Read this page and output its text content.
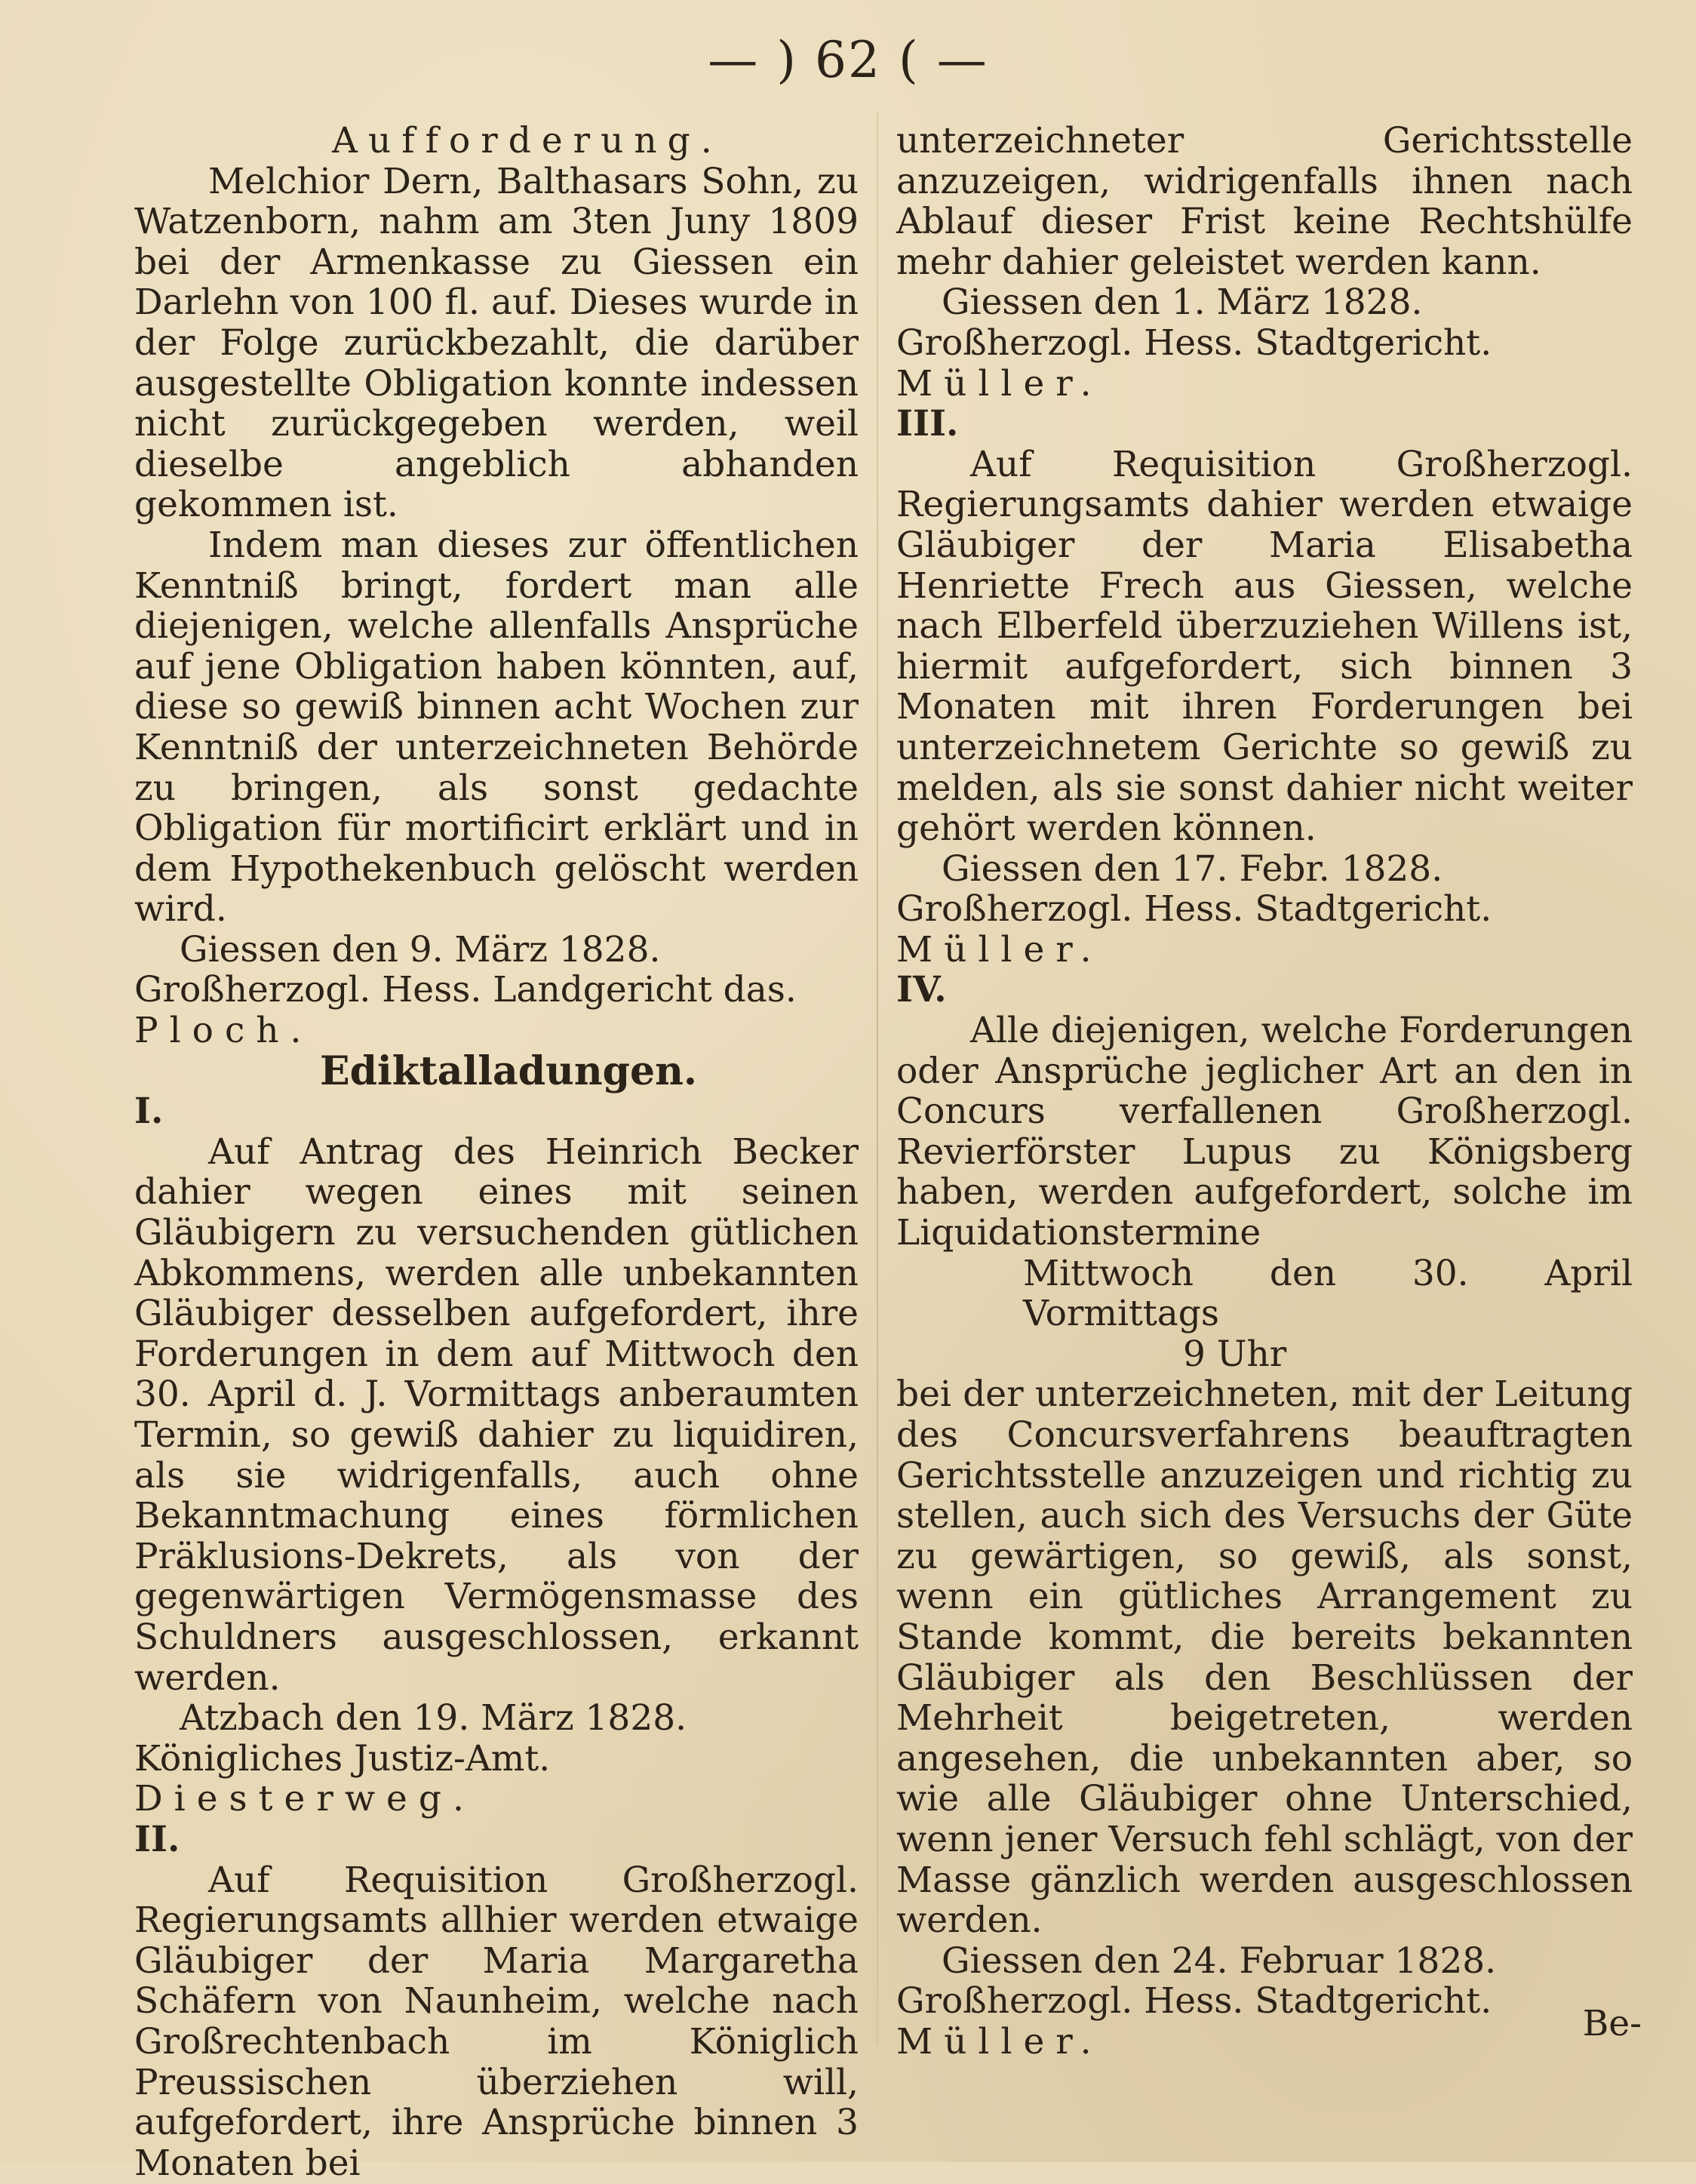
— ) 62 ( —

Aufforderung.

Melchior Dern, Balthasars Sohn, zu Watzenborn, nahm am 3ten Juny 1809 bei der Armenkasse zu Giessen ein Darlehn von 100 fl. auf. Dieses wurde in der Folge zurückbezahlt, die darüber ausgestellte Obligation konnte indessen nicht zurückgegeben werden, weil dieselbe angeblich abhanden gekommen ist.

Indem man dieses zur öffentlichen Kenntniß bringt, fordert man alle diejenigen, welche allenfalls Ansprüche auf jene Obligation haben könnten, auf, diese so gewiß binnen acht Wochen zur Kenntniß der unterzeichneten Behörde zu bringen, als sonst gedachte Obligation für mortificirt erklärt und in dem Hypothekenbuch gelöscht werden wird.

Giessen den 9. März 1828.

Großherzogl. Hess. Landgericht das.

Ploch.

Ediktalladungen.

I.

Auf Antrag des Heinrich Becker dahier wegen eines mit seinen Gläubigern zu versuchenden gütlichen Abkommens, werden alle unbekannten Gläubiger desselben aufgefordert, ihre Forderungen in dem auf Mittwoch den 30. April d. J. Vormittags anberaumten Termin, so gewiß dahier zu liquidiren, als sie widrigenfalls, auch ohne Bekanntmachung eines förmlichen Präklusions-Dekrets, als von der gegenwärtigen Vermögensmasse des Schuldners ausgeschlossen, erkannt werden.

Atzbach den 19. März 1828.

Königliches Justiz-Amt.

Diesterweg.

II.

Auf Requisition Großherzogl. Regierungsamts allhier werden etwaige Gläubiger der Maria Margaretha Schäfern von Naunheim, welche nach Großrechtenbach im Königlich Preussischen überziehen will, aufgefordert, ihre Ansprüche binnen 3 Monaten bei

unterzeichneter Gerichtsstelle anzuzeigen, widrigenfalls ihnen nach Ablauf dieser Frist keine Rechtshülfe mehr dahier geleistet werden kann.

Giessen den 1. März 1828.

Großherzogl. Hess. Stadtgericht.

Müller.

III.

Auf Requisition Großherzogl. Regierungsamts dahier werden etwaige Gläubiger der Maria Elisabetha Henriette Frech aus Giessen, welche nach Elberfeld überzuziehen Willens ist, hiermit aufgefordert, sich binnen 3 Monaten mit ihren Forderungen bei unterzeichnetem Gerichte so gewiß zu melden, als sie sonst dahier nicht weiter gehört werden können.

Giessen den 17. Febr. 1828.

Großherzogl. Hess. Stadtgericht.

Müller.

IV.

Alle diejenigen, welche Forderungen oder Ansprüche jeglicher Art an den in Concurs verfallenen Großherzogl. Revierförster Lupus zu Königsberg haben, werden aufgefordert, solche im Liquidationstermine

Mittwoch den 30. April Vormittags

9 Uhr

bei der unterzeichneten, mit der Leitung des Concursverfahrens beauftragten Gerichtsstelle anzuzeigen und richtig zu stellen, auch sich des Versuchs der Güte zu gewärtigen, so gewiß, als sonst, wenn ein gütliches Arrangement zu Stande kommt, die bereits bekannten Gläubiger als den Beschlüssen der Mehrheit beigetreten, werden angesehen, die unbekannten aber, so wie alle Gläubiger ohne Unterschied, wenn jener Versuch fehl schlägt, von der Masse gänzlich werden ausgeschlossen werden.

Giessen den 24. Februar 1828.

Großherzogl. Hess. Stadtgericht.

Müller.	Be-
